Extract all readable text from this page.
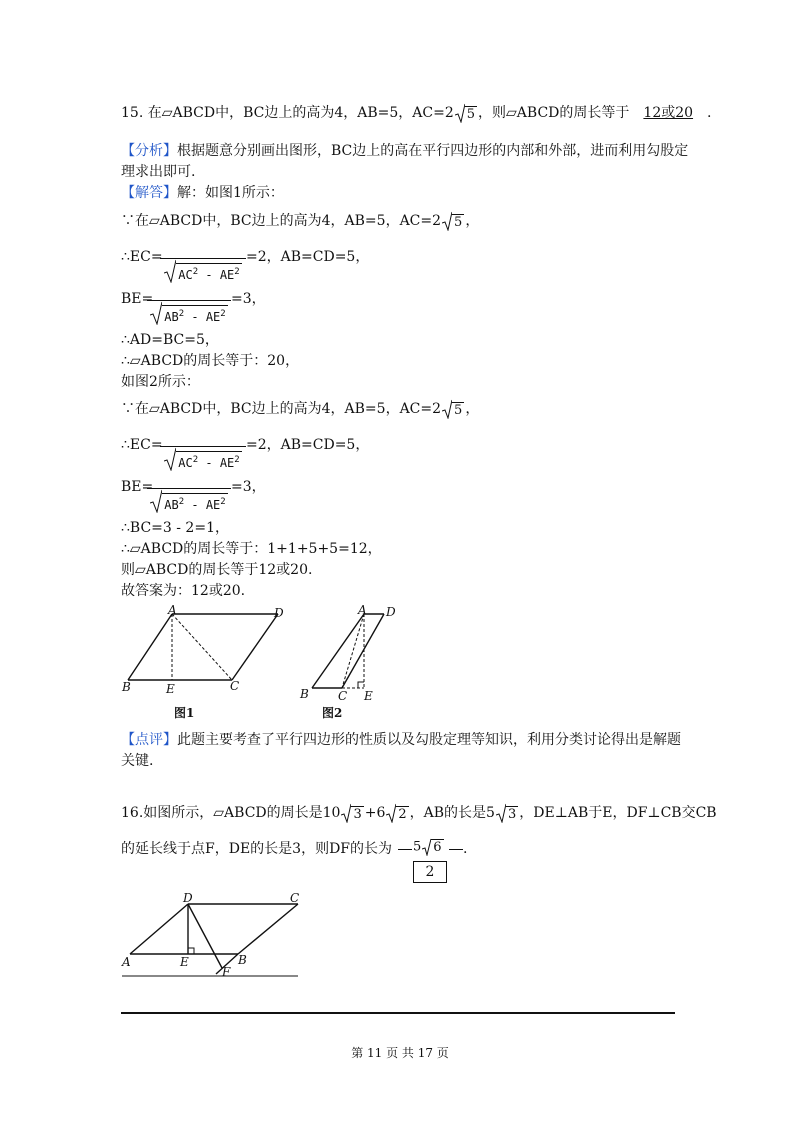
15. 在▱ABCD中，BC边上的高为4，AB=5，AC=2 5 ，则▱ABCD的周长等于 12或20 .
【分析】根据题意分别画出图形，BC边上的高在平行四边形的内部和外部，进而利用勾股定
理求出即可.
【解答】解：如图1所示：
∵在▱ABCD中，BC边上的高为4，AB=5，AC=2 5 ，
∴EC=
$AC^2 - AE^2$
=2，AB=CD=5，
BE=
$AB^2 - AE^2$
=3，
∴AD=BC=5，
∴▱ABCD的周长等于：20，
如图2所示：
∵在▱ABCD中，BC边上的高为4，AB=5，AC=2 5 ，
∴EC=
$AC^2 - AE^2$
=2，AB=CD=5，
BE=
$AB^2 - AE^2$
=3，
∴BC=3 - 2=1，
∴▱ABCD的周长等于：1+1+5+5=12，
则▱ABCD的周长等于12或20.
故答案为：12或20.
A	D
B	E	C
图1
A D
B C E
图2
【点评】此题主要考查了平行四边形的性质以及勾股定理等知识，利用分类讨论得出是解题
关键.
16.如图所示，▱ABCD的周长是10 3 +6 2 ，AB的长是5 3 ，DE⊥AB于E，DF⊥CB交CB
的延长线于点F，DE的长是3，则DF的长为 5 6 .
2
D	C
A	E	B
F
第 11 页 共 17 页
